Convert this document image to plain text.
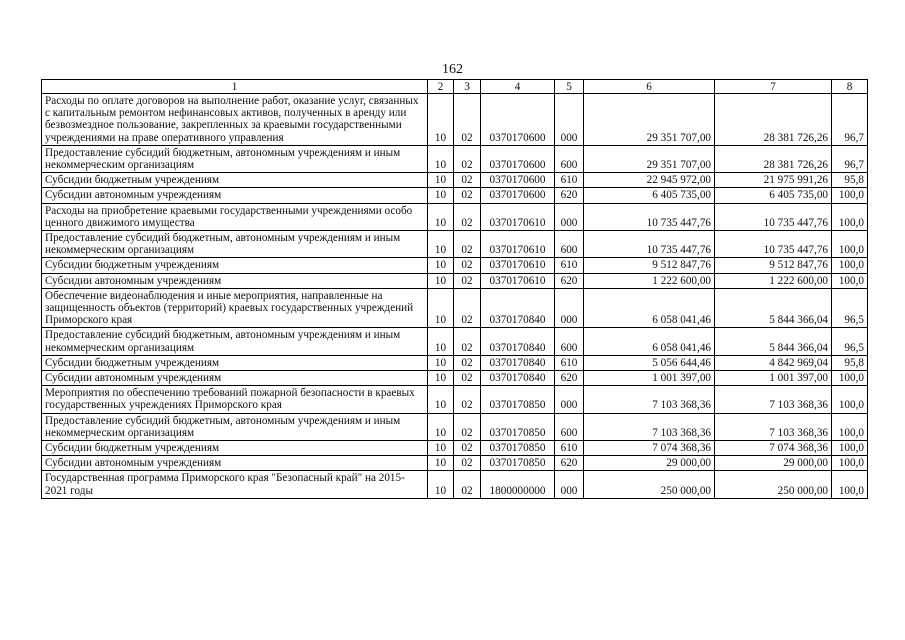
162
1	2	3	4	5	6	7	8
Расходы по оплате договоров на выполнение работ, оказание услуг, связанных с капитальным ремонтом нефинансовых активов, полученных в аренду или безвозмездное пользование, закрепленных за краевыми государственными учреждениями на праве оперативного управления	10	02	0370170600	000	29 351 707,00	28 381 726,26	96,7
Предоставление субсидий бюджетным, автономным учреждениям и иным некоммерческим организациям	10	02	0370170600	600	29 351 707,00	28 381 726,26	96,7
Субсидии бюджетным учреждениям	10	02	0370170600	610	22 945 972,00	21 975 991,26	95,8
Субсидии автономным учреждениям	10	02	0370170600	620	6 405 735,00	6 405 735,00	100,0
Расходы на приобретение краевыми государственными учреждениями особо ценного движимого имущества	10	02	0370170610	000	10 735 447,76	10 735 447,76	100,0
Предоставление субсидий бюджетным, автономным учреждениям и иным некоммерческим организациям	10	02	0370170610	600	10 735 447,76	10 735 447,76	100,0
Субсидии бюджетным учреждениям	10	02	0370170610	610	9 512 847,76	9 512 847,76	100,0
Субсидии автономным учреждениям	10	02	0370170610	620	1 222 600,00	1 222 600,00	100,0
Обеспечение видеонаблюдения и иные мероприятия, направленные на защищенность объектов (территорий) краевых государственных учреждений Приморского края	10	02	0370170840	000	6 058 041,46	5 844 366,04	96,5
Предоставление субсидий бюджетным, автономным учреждениям и иным некоммерческим организациям	10	02	0370170840	600	6 058 041,46	5 844 366,04	96,5
Субсидии бюджетным учреждениям	10	02	0370170840	610	5 056 644,46	4 842 969,04	95,8
Субсидии автономным учреждениям	10	02	0370170840	620	1 001 397,00	1 001 397,00	100,0
Мероприятия по обеспечению требований пожарной безопасности в краевых государственных учреждениях Приморского края	10	02	0370170850	000	7 103 368,36	7 103 368,36	100,0
Предоставление субсидий бюджетным, автономным учреждениям и иным некоммерческим организациям	10	02	0370170850	600	7 103 368,36	7 103 368,36	100,0
Субсидии бюджетным учреждениям	10	02	0370170850	610	7 074 368,36	7 074 368,36	100,0
Субсидии автономным учреждениям	10	02	0370170850	620	29 000,00	29 000,00	100,0
Государственная программа Приморского края "Безопасный край" на 2015-2021 годы	10	02	1800000000	000	250 000,00	250 000,00	100,0
